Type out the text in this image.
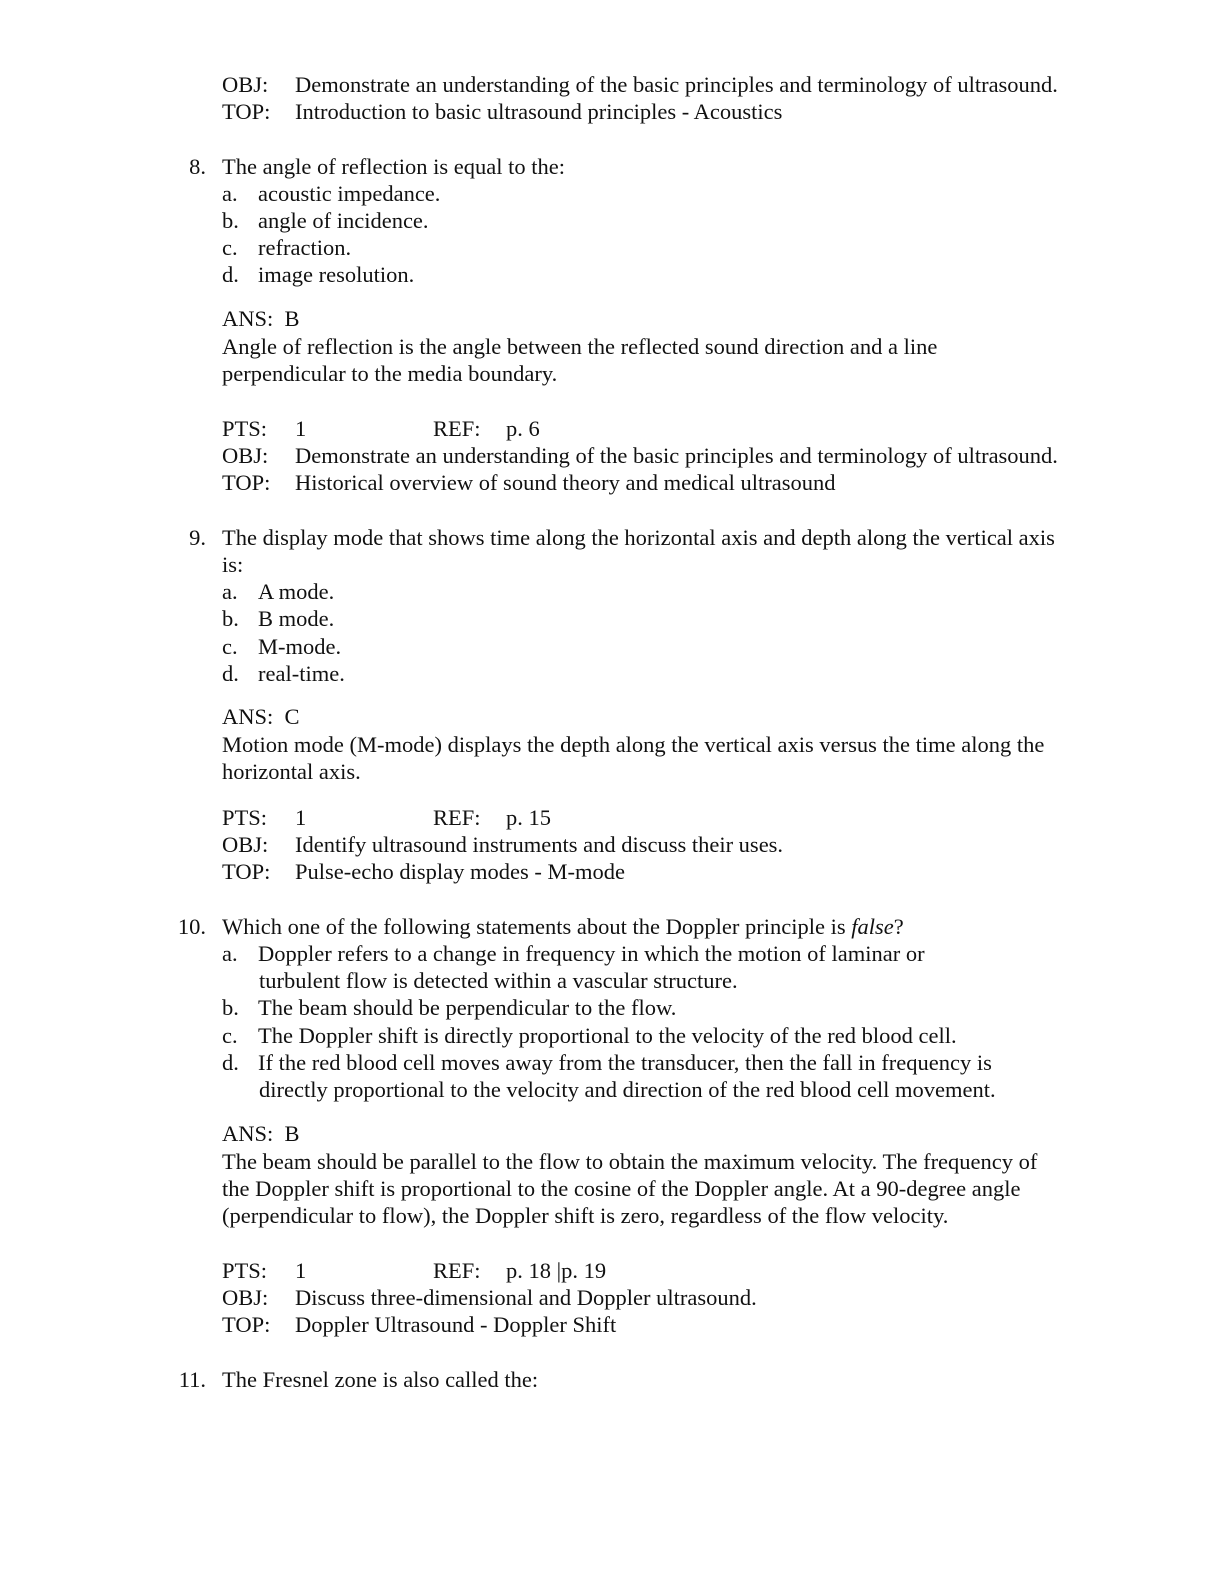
OBJ: Demonstrate an understanding of the basic principles and terminology of ultrasound.
TOP: Introduction to basic ultrasound principles - Acoustics
8. The angle of reflection is equal to the:
a. acoustic impedance.
b. angle of incidence.
c. refraction.
d. image resolution.
ANS: B
Angle of reflection is the angle between the reflected sound direction and a line
perpendicular to the media boundary.
PTS: 1	REF: p. 6
OBJ: Demonstrate an understanding of the basic principles and terminology of ultrasound.
TOP: Historical overview of sound theory and medical ultrasound
9. The display mode that shows time along the horizontal axis and depth along the vertical axis
is:
a. A mode.
b. B mode.
c. M-mode.
d. real-time.
ANS: C
Motion mode (M-mode) displays the depth along the vertical axis versus the time along the
horizontal axis.
PTS: 1	REF: p. 15
OBJ: Identify ultrasound instruments and discuss their uses.
TOP: Pulse-echo display modes - M-mode
10. Which one of the following statements about the Doppler principle is false?
a. Doppler refers to a change in frequency in which the motion of laminar or
turbulent flow is detected within a vascular structure.
b. The beam should be perpendicular to the flow.
c. The Doppler shift is directly proportional to the velocity of the red blood cell.
d. If the red blood cell moves away from the transducer, then the fall in frequency is
directly proportional to the velocity and direction of the red blood cell movement.
ANS: B
The beam should be parallel to the flow to obtain the maximum velocity. The frequency of
the Doppler shift is proportional to the cosine of the Doppler angle. At a 90-degree angle
(perpendicular to flow), the Doppler shift is zero, regardless of the flow velocity.
PTS: 1	REF: p. 18 |p. 19
OBJ: Discuss three-dimensional and Doppler ultrasound.
TOP: Doppler Ultrasound - Doppler Shift
11. The Fresnel zone is also called the:
